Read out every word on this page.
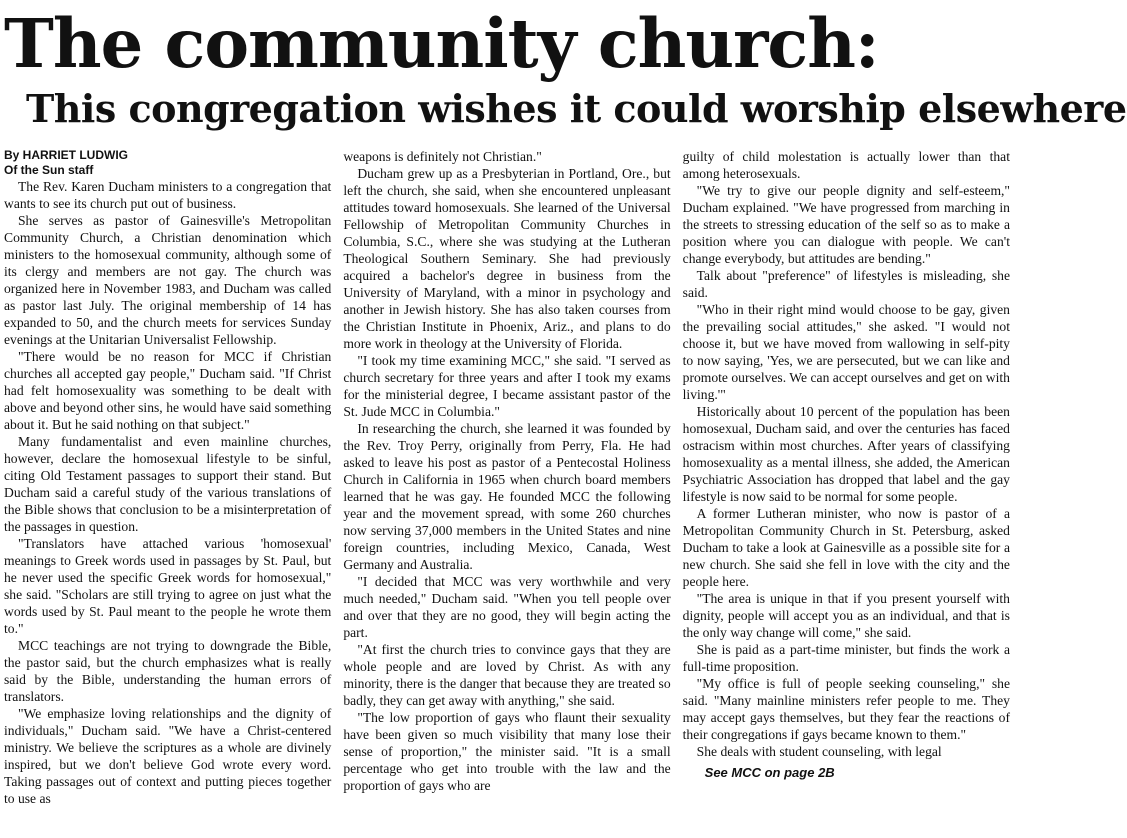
The community church:
This congregation wishes it could worship elsewhere
By HARRIET LUDWIG
Of the Sun staff

The Rev. Karen Ducham ministers to a congregation that wants to see its church put out of business.

She serves as pastor of Gainesville's Metropolitan Community Church, a Christian denomination which ministers to the homosexual community, although some of its clergy and members are not gay. The church was organized here in November 1983, and Ducham was called as pastor last July. The original membership of 14 has expanded to 50, and the church meets for services Sunday evenings at the Unitarian Universalist Fellowship.

"There would be no reason for MCC if Christian churches all accepted gay people," Ducham said. "If Christ had felt homosexuality was something to be dealt with above and beyond other sins, he would have said something about it. But he said nothing on that subject."

Many fundamentalist and even mainline churches, however, declare the homosexual lifestyle to be sinful, citing Old Testament passages to support their stand. But Ducham said a careful study of the various translations of the Bible shows that conclusion to be a misinterpretation of the passages in question.

"Translators have attached various 'homosexual' meanings to Greek words used in passages by St. Paul, but he never used the specific Greek words for homosexual," she said. "Scholars are still trying to agree on just what the words used by St. Paul meant to the people he wrote them to."

MCC teachings are not trying to downgrade the Bible, the pastor said, but the church emphasizes what is really said by the Bible, understanding the human errors of translators.

"We emphasize loving relationships and the dignity of individuals," Ducham said. "We have a Christ-centered ministry. We believe the scriptures as a whole are divinely inspired, but we don't believe God wrote every word. Taking passages out of context and putting pieces together to use as

weapons is definitely not Christian."

Ducham grew up as a Presbyterian in Portland, Ore., but left the church, she said, when she encountered unpleasant attitudes toward homosexuals. She learned of the Universal Fellowship of Metropolitan Community Churches in Columbia, S.C., where she was studying at the Lutheran Theological Southern Seminary. She had previously acquired a bachelor's degree in business from the University of Maryland, with a minor in psychology and another in Jewish history. She has also taken courses from the Christian Institute in Phoenix, Ariz., and plans to do more work in theology at the University of Florida.

"I took my time examining MCC," she said. "I served as church secretary for three years and after I took my exams for the ministerial degree, I became assistant pastor of the St. Jude MCC in Columbia."

In researching the church, she learned it was founded by the Rev. Troy Perry, originally from Perry, Fla. He had asked to leave his post as pastor of a Pentecostal Holiness Church in California in 1965 when church board members learned that he was gay. He founded MCC the following year and the movement spread, with some 260 churches now serving 37,000 members in the United States and nine foreign countries, including Mexico, Canada, West Germany and Australia.

"I decided that MCC was very worthwhile and very much needed," Ducham said. "When you tell people over and over that they are no good, they will begin acting the part.

"At first the church tries to convince gays that they are whole people and are loved by Christ. As with any minority, there is the danger that because they are treated so badly, they can get away with anything," she said.

"The low proportion of gays who flaunt their sexuality have been given so much visibility that many lose their sense of proportion," the minister said. "It is a small percentage who get into trouble with the law and the proportion of gays who are

guilty of child molestation is actually lower than that among heterosexuals.

"We try to give our people dignity and self-esteem," Ducham explained. "We have progressed from marching in the streets to stressing education of the self so as to make a position where you can dialogue with people. We can't change everybody, but attitudes are bending."

Talk about "preference" of lifestyles is misleading, she said.

"Who in their right mind would choose to be gay, given the prevailing social attitudes," she asked. "I would not choose it, but we have moved from wallowing in self-pity to now saying, 'Yes, we are persecuted, but we can like and promote ourselves. We can accept ourselves and get on with living.'"

Historically about 10 percent of the population has been homosexual, Ducham said, and over the centuries has faced ostracism within most churches. After years of classifying homosexuality as a mental illness, she added, the American Psychiatric Association has dropped that label and the gay lifestyle is now said to be normal for some people.

A former Lutheran minister, who now is pastor of a Metropolitan Community Church in St. Petersburg, asked Ducham to take a look at Gainesville as a possible site for a new church. She said she fell in love with the city and the people here.

"The area is unique in that if you present yourself with dignity, people will accept you as an individual, and that is the only way change will come," she said.

She is paid as a part-time minister, but finds the work a full-time proposition.

"My office is full of people seeking counseling," she said. "Many mainline ministers refer people to me. They may accept gays themselves, but they fear the reactions of their congregations if gays became known to them."

She deals with student counseling, with legal

See MCC on page 2B
